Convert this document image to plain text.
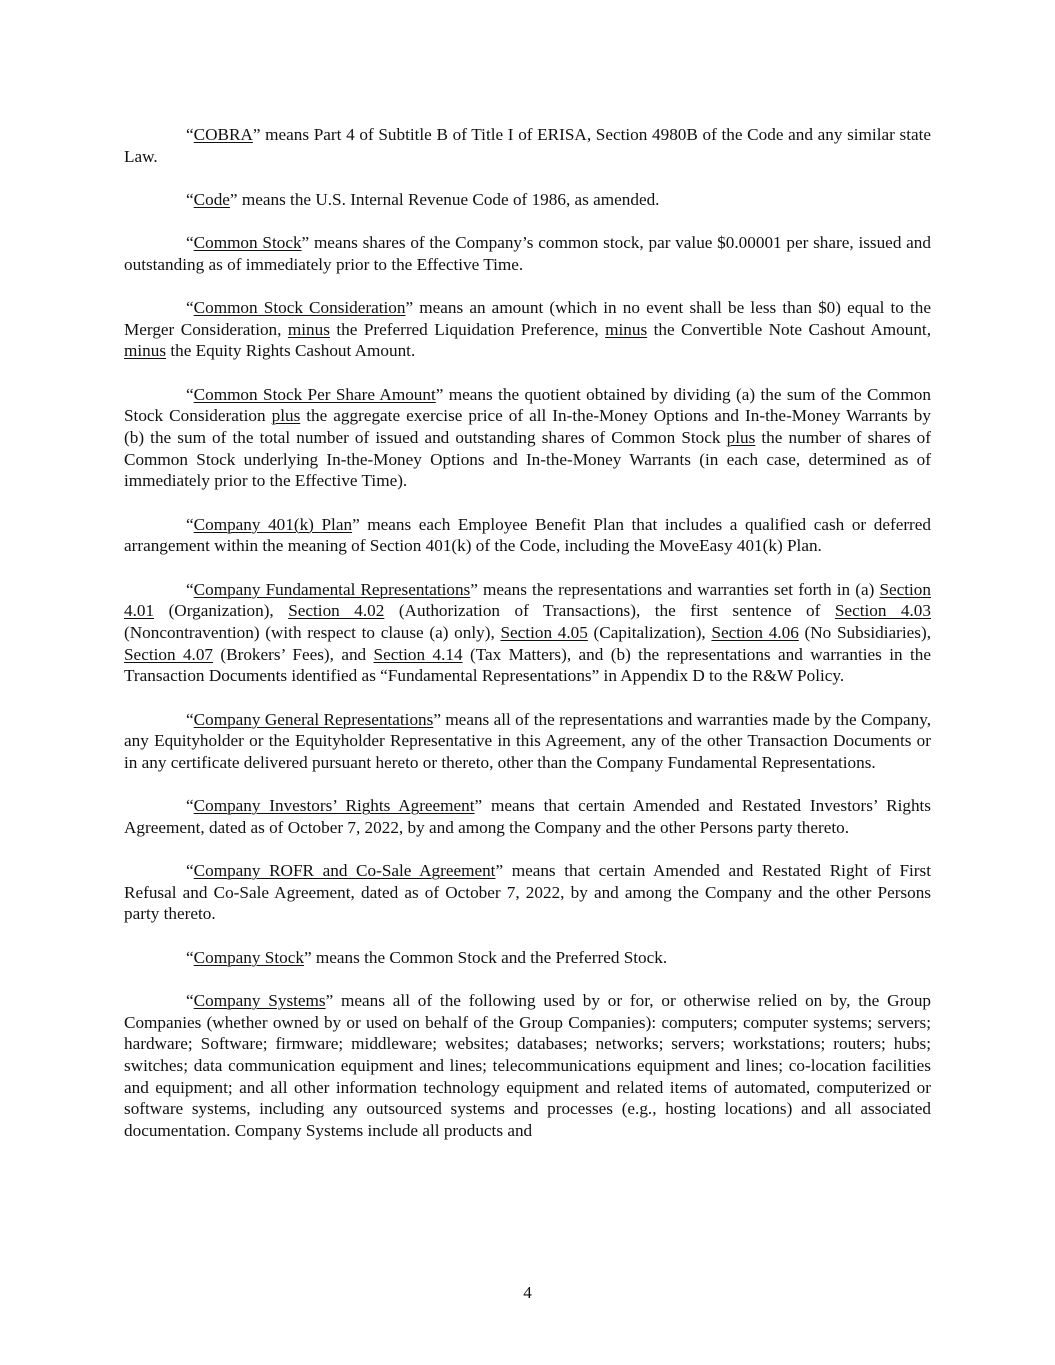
“COBRA” means Part 4 of Subtitle B of Title I of ERISA, Section 4980B of the Code and any similar state Law.

“Code” means the U.S. Internal Revenue Code of 1986, as amended.

“Common Stock” means shares of the Company’s common stock, par value $0.00001 per share, issued and outstanding as of immediately prior to the Effective Time.

“Common Stock Consideration” means an amount (which in no event shall be less than $0) equal to the Merger Consideration, minus the Preferred Liquidation Preference, minus the Convertible Note Cashout Amount, minus the Equity Rights Cashout Amount.

“Common Stock Per Share Amount” means the quotient obtained by dividing (a) the sum of the Common Stock Consideration plus the aggregate exercise price of all In-the-Money Options and In-the-Money Warrants by (b) the sum of the total number of issued and outstanding shares of Common Stock plus the number of shares of Common Stock underlying In-the-Money Options and In-the-Money Warrants (in each case, determined as of immediately prior to the Effective Time).

“Company 401(k) Plan” means each Employee Benefit Plan that includes a qualified cash or deferred arrangement within the meaning of Section 401(k) of the Code, including the MoveEasy 401(k) Plan.

“Company Fundamental Representations” means the representations and warranties set forth in (a) Section 4.01 (Organization), Section 4.02 (Authorization of Transactions), the first sentence of Section 4.03 (Noncontravention) (with respect to clause (a) only), Section 4.05 (Capitalization), Section 4.06 (No Subsidiaries), Section 4.07 (Brokers’ Fees), and Section 4.14 (Tax Matters), and (b) the representations and warranties in the Transaction Documents identified as “Fundamental Representations” in Appendix D to the R&W Policy.

“Company General Representations” means all of the representations and warranties made by the Company, any Equityholder or the Equityholder Representative in this Agreement, any of the other Transaction Documents or in any certificate delivered pursuant hereto or thereto, other than the Company Fundamental Representations.

“Company Investors’ Rights Agreement” means that certain Amended and Restated Investors’ Rights Agreement, dated as of October 7, 2022, by and among the Company and the other Persons party thereto.

“Company ROFR and Co-Sale Agreement” means that certain Amended and Restated Right of First Refusal and Co-Sale Agreement, dated as of October 7, 2022, by and among the Company and the other Persons party thereto.

“Company Stock” means the Common Stock and the Preferred Stock.

“Company Systems” means all of the following used by or for, or otherwise relied on by, the Group Companies (whether owned by or used on behalf of the Group Companies): computers; computer systems; servers; hardware; Software; firmware; middleware; websites; databases; networks; servers; workstations; routers; hubs; switches; data communication equipment and lines; telecommunications equipment and lines; co-location facilities and equipment; and all other information technology equipment and related items of automated, computerized or software systems, including any outsourced systems and processes (e.g., hosting locations) and all associated documentation. Company Systems include all products and

4
